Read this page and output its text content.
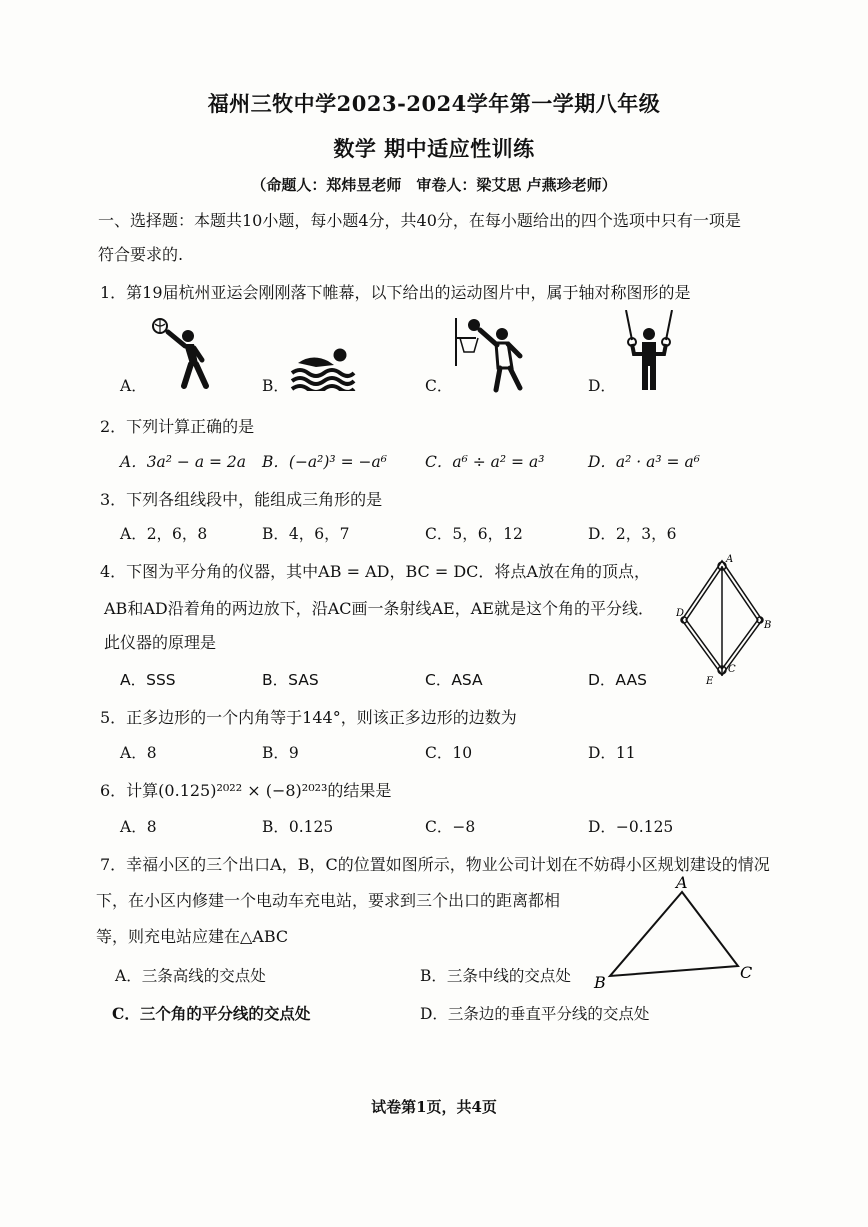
福州三牧中学2023-2024学年第一学期八年级
数学 期中适应性训练
（命题人：郑炜昱老师　审卷人：梁艾思 卢燕珍老师）
一、选择题：本题共10小题，每小题4分，共40分，在每小题给出的四个选项中只有一项是
符合要求的.
1．第19届杭州亚运会刚刚落下帷幕，以下给出的运动图片中，属于轴对称图形的是
A．	B．	C．	D．
2．下列计算正确的是
A．3a² − a = 2a B．(−a²)³ = −a⁶ C．a⁶ ÷ a² = a³	D．a² · a³ = a⁶
3．下列各组线段中，能组成三角形的是
A．2，6，8	B．4，6，7	C．5，6，12	D．2，3，6
4．下图为平分角的仪器，其中AB = AD，BC = DC．将点A放在角的顶点，
AB和AD沿着角的两边放下，沿AC画一条射线AE，AE就是这个角的平分线．
此仪器的原理是
A．SSS	B．SAS	C．ASA	D．AAS
A
B
D
C
E
5．正多边形的一个内角等于144°，则该正多边形的边数为
A．8	B．9	C．10	D．11
6．计算(0.125)²⁰²² × (−8)²⁰²³的结果是
A．8	B．0.125	C．−8	D．−0.125
7．幸福小区的三个出口A，B，C的位置如图所示，物业公司计划在不妨碍小区规划建设的情况
下，在小区内修建一个电动车充电站，要求到三个出口的距离都相
等，则充电站应建在△ABC
A
B
C
A．三条高线的交点处	B．三条中线的交点处
C．三个角的平分线的交点处	D．三条边的垂直平分线的交点处
试卷第1页，共4页
